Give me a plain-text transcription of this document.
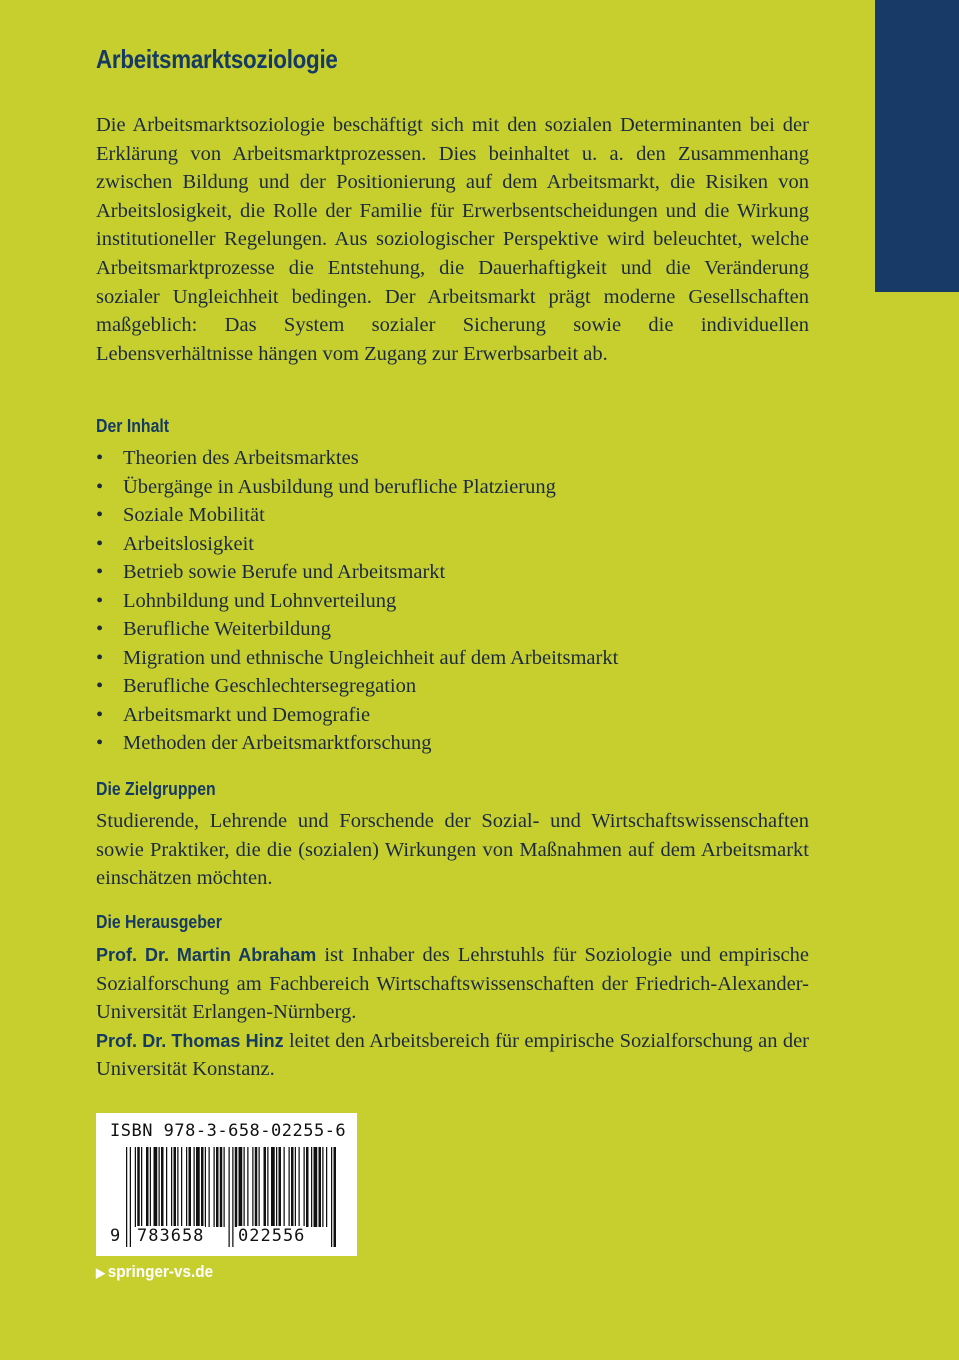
Arbeitsmarktsoziologie

Die Arbeitsmarktsoziologie beschäftigt sich mit den sozialen Determinanten bei der Erklärung von Arbeitsmarktprozessen. Dies beinhaltet u. a. den Zusammenhang zwischen Bildung und der Positionierung auf dem Arbeitsmarkt, die Risiken von Arbeitslosigkeit, die Rolle der Familie für Erwerbsentscheidungen und die Wirkung institutioneller Regelungen. Aus soziologischer Perspektive wird beleuchtet, welche Arbeitsmarktprozesse die Entstehung, die Dauerhaftigkeit und die Veränderung sozialer Ungleichheit bedingen. Der Arbeitsmarkt prägt moderne Gesellschaften maßgeblich: Das System sozialer Sicherung sowie die individuellen Lebensverhältnisse hängen vom Zugang zur Erwerbsarbeit ab.

Der Inhalt
• Theorien des Arbeitsmarktes
• Übergänge in Ausbildung und berufliche Platzierung
• Soziale Mobilität
• Arbeitslosigkeit
• Betrieb sowie Berufe und Arbeitsmarkt
• Lohnbildung und Lohnverteilung
• Berufliche Weiterbildung
• Migration und ethnische Ungleichheit auf dem Arbeitsmarkt
• Berufliche Geschlechtersegregation
• Arbeitsmarkt und Demografie
• Methoden der Arbeitsmarktforschung
Die Zielgruppen

Studierende, Lehrende und Forschende der Sozial- und Wirtschaftswissenschaften sowie Praktiker, die die (sozialen) Wirkungen von Maßnahmen auf dem Arbeitsmarkt einschätzen möchten.

Die Herausgeber

Prof. Dr. Martin Abraham ist Inhaber des Lehrstuhls für Soziologie und empirische Sozialforschung am Fachbereich Wirtschaftswissenschaften der Friedrich-Alexander-Universität Erlangen-Nürnberg.
Prof. Dr. Thomas Hinz leitet den Arbeitsbereich für empirische Sozialforschung an der Universität Konstanz.

ISBN 978-3-658-02255-6
9 783658 022556
▶ springer-vs.de
